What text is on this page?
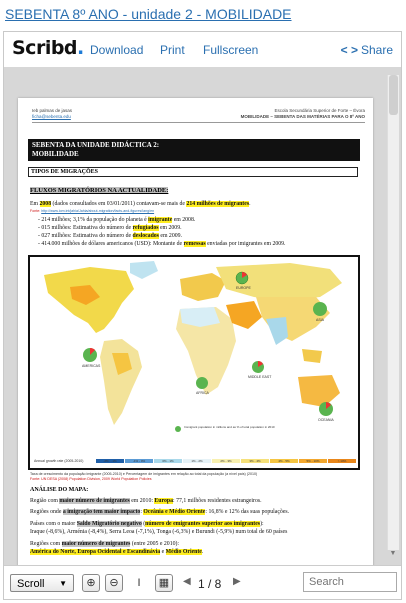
SEBENTA 8º ANO - unidade 2 - MOBILIDADE
Scribd. Download Print Fullscreen	< > Share
Ieb palmas de jasas
ficha@sebenta.edu
Escola Secundária Superior de Forte – Évora
MOBILIDADE – SEBENTA DAS MATÉRIAS PARA O 8º ANO
SEBENTA DA UNIDADE DIDÁCTICA 2:
MOBILIDADE
TIPOS DE MIGRAÇÕES
FLUXOS MIGRATÓRIOS NA ACTUALIDADE:
Em 2008 (dados consultados em 03/01/2011) contavam-se mais de 214 milhões de migrantes.
Fonte: http://www.iom.int/jahia/Jahia/about-migration/facts-and-figures/lang/en
- 214 milhões; 3,1% da população do planeta é imigrante em 2008.
- 015 milhões: Estimativa do número de refugiados em 2009.
- 027 milhões: Estimativa do número de deslocados em 2009.
- 414.000 milhões de dólares americanos (USD): Montante de remessas enviadas por imigrantes em 2009.
EUROPE
ASIA
AMERICAS
AFRICA
MIDDLE EAST
OCEANIA
Immigrant population in millions and as % of total population in 2010
Annual growth rate (2005-2010)	-2% - -1%	-1% - 0%	0% - 1%	1% - 2%	2% - 3%	3% - 4%	4% - 5%	5% - 10%	> 10%
Taxa de crescimento da população imigrante (2005-2010) e Percentagem de imigrantes em relação ao total da população (a nível país) (2010)
Fonte: UN DESA (2008) Population Division, 2009 World Population Policies
ANÁLISE DO MAPA:
Região com maior número de imigrantes em 2010: Europa: 77,1 milhões residentes estrangeiros.
Regiões onde a imigração tem maior impacto: Oceânia e Médio Oriente: 16,8% e 12% das suas populações.
Países com o maior Saldo Migratório negativo (número de emigrantes superior aos imigrantes):
Iraque (-8,6%), Arménia (-8,4%), Serra Leoa (-7,1%), Tonga (-6,3%) e Burundi (-5,9%) num total de 60 países
Regiões com maior número de migrantes (entre 2005 e 2010):
América do Norte, Europa Ocidental e Escandinávia e Médio Oriente.	▼
Scroll ▼	⊕	⊖	I	▦	◀ 1 / 8 ▶
Search
